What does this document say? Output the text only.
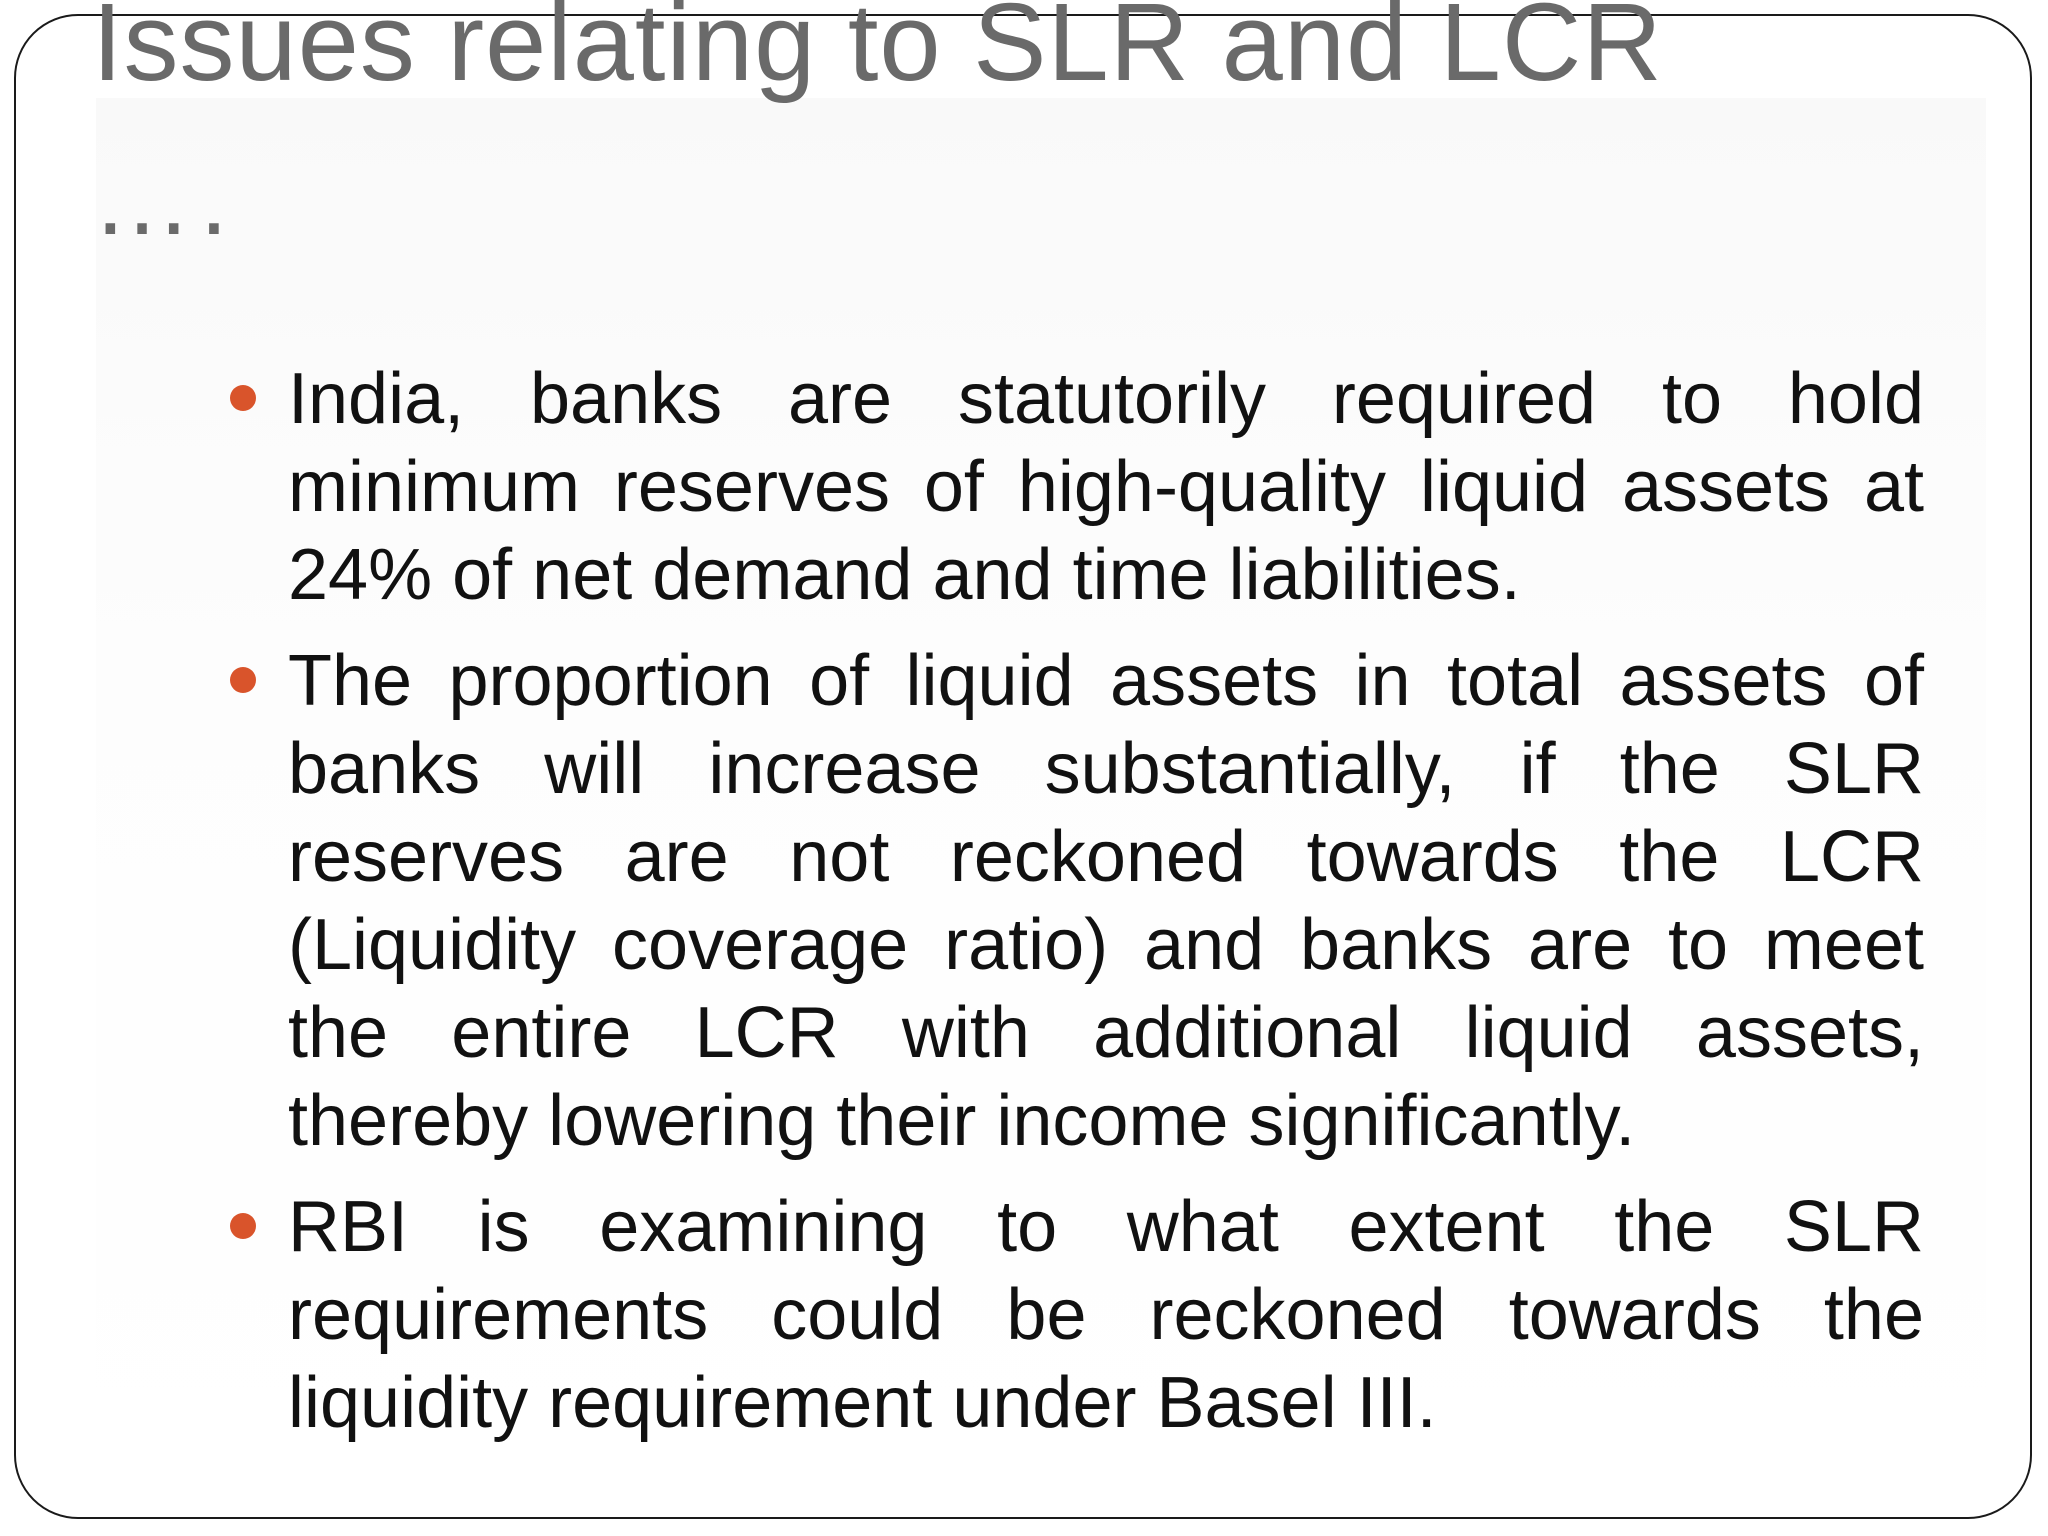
Issues relating to SLR and LCR
….
India, banks are statutorily required to hold minimum reserves of high-quality liquid assets at 24% of net demand and time liabilities.
The proportion of liquid assets in total assets of banks will increase substantially, if the SLR reserves are not reckoned towards the LCR (Liquidity coverage ratio) and banks are to meet the entire LCR with additional liquid assets, thereby lowering their income significantly.
RBI is examining to what extent the SLR requirements could be reckoned towards the liquidity requirement under Basel III.
